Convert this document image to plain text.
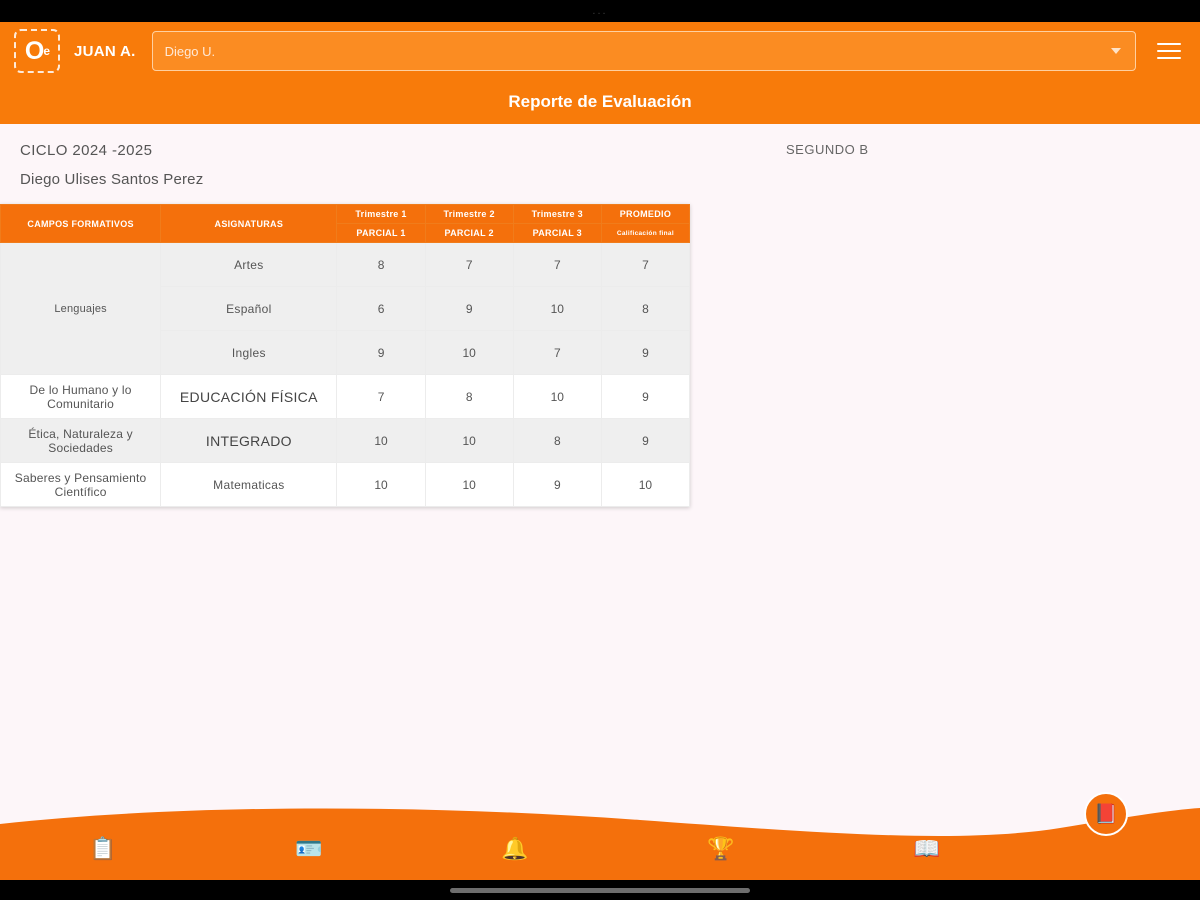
...
O e JUAN A.	Diego U.
Reporte de Evaluación
CICLO 2024 -2025
Diego Ulises Santos Perez
SEGUNDO B
CAMPOS FORMATIVOS	ASIGNATURAS	Trimestre 1	Trimestre 2	Trimestre 3	PROMEDIO
		PARCIAL 1	PARCIAL 2	PARCIAL 3	Calificación final
Lenguajes	Artes	8	7	7	7
	Español	6	9	10	8
	Ingles	9	10	7	9
De lo Humano y lo Comunitario	EDUCACIÓN FÍSICA	7	8	10	9
Ética, Naturaleza y Sociedades	INTEGRADO	10	10	8	9
Saberes y Pensamiento Científico	Matematicas	10	10	9	10
📋	🪪	🔔	🏆	📖
📕
